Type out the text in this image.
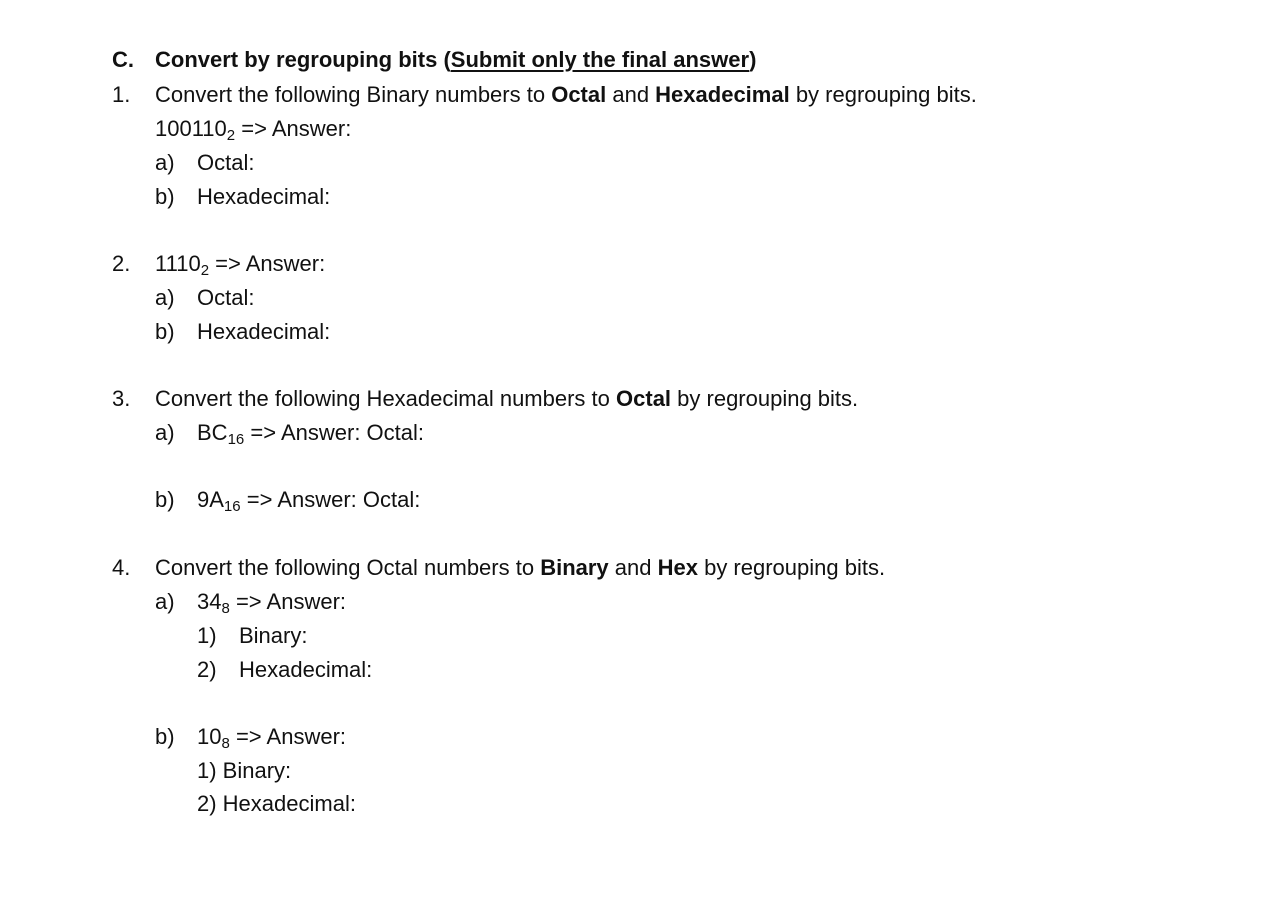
C. Convert by regrouping bits (Submit only the final answer)
1. Convert the following Binary numbers to Octal and Hexadecimal by regrouping bits.
$100110_2$ => Answer:
a) Octal:
b) Hexadecimal:
2. $1110_2$ => Answer:
a) Octal:
b) Hexadecimal:
3. Convert the following Hexadecimal numbers to Octal by regrouping bits.
a) $BC_{16}$ => Answer: Octal:
b) $9A_{16}$ => Answer: Octal:
4. Convert the following Octal numbers to Binary and Hex by regrouping bits.
a) $34_8$ => Answer:
1) Binary:
2) Hexadecimal:
b) $10_8$ => Answer:
1) Binary:
2) Hexadecimal:
